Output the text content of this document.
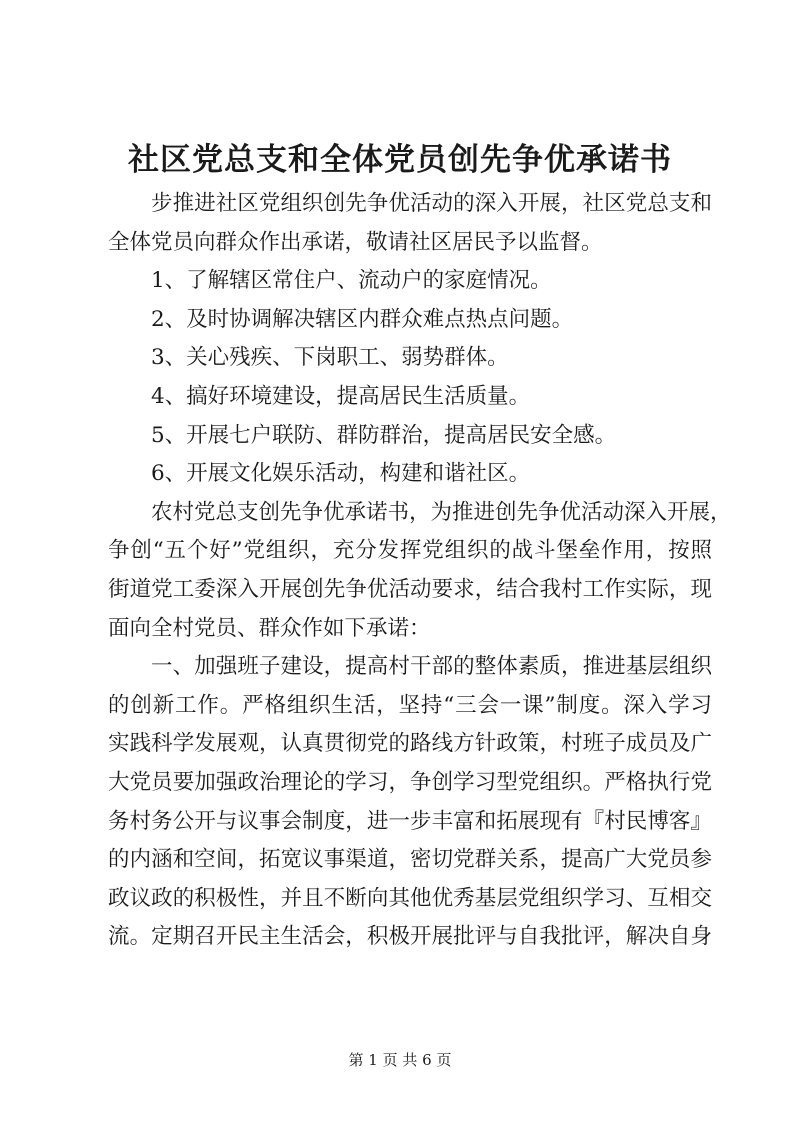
社区党总支和全体党员创先争优承诺书

步推进社区党组织创先争优活动的深入开展，社区党总支和

全体党员向群众作出承诺，敬请社区居民予以监督。

1、了解辖区常住户、流动户的家庭情况。

2、及时协调解决辖区内群众难点热点问题。

3、关心残疾、下岗职工、弱势群体。

4、搞好环境建设，提高居民生活质量。

5、开展七户联防、群防群治，提高居民安全感。

6、开展文化娱乐活动，构建和谐社区。

农村党总支创先争优承诺书，为推进创先争优活动深入开展，

争创“五个好”党组织，充分发挥党组织的战斗堡垒作用，按照

街道党工委深入开展创先争优活动要求，结合我村工作实际，现

面向全村党员、群众作如下承诺：

一、加强班子建设，提高村干部的整体素质，推进基层组织

的创新工作。严格组织生活，坚持“三会一课”制度。深入学习

实践科学发展观，认真贯彻党的路线方针政策，村班子成员及广

大党员要加强政治理论的学习，争创学习型党组织。严格执行党

务村务公开与议事会制度，进一步丰富和拓展现有『村民博客』

的内涵和空间，拓宽议事渠道，密切党群关系，提高广大党员参

政议政的积极性，并且不断向其他优秀基层党组织学习、互相交

流。定期召开民主生活会，积极开展批评与自我批评，解决自身

第 1 页 共 6 页
